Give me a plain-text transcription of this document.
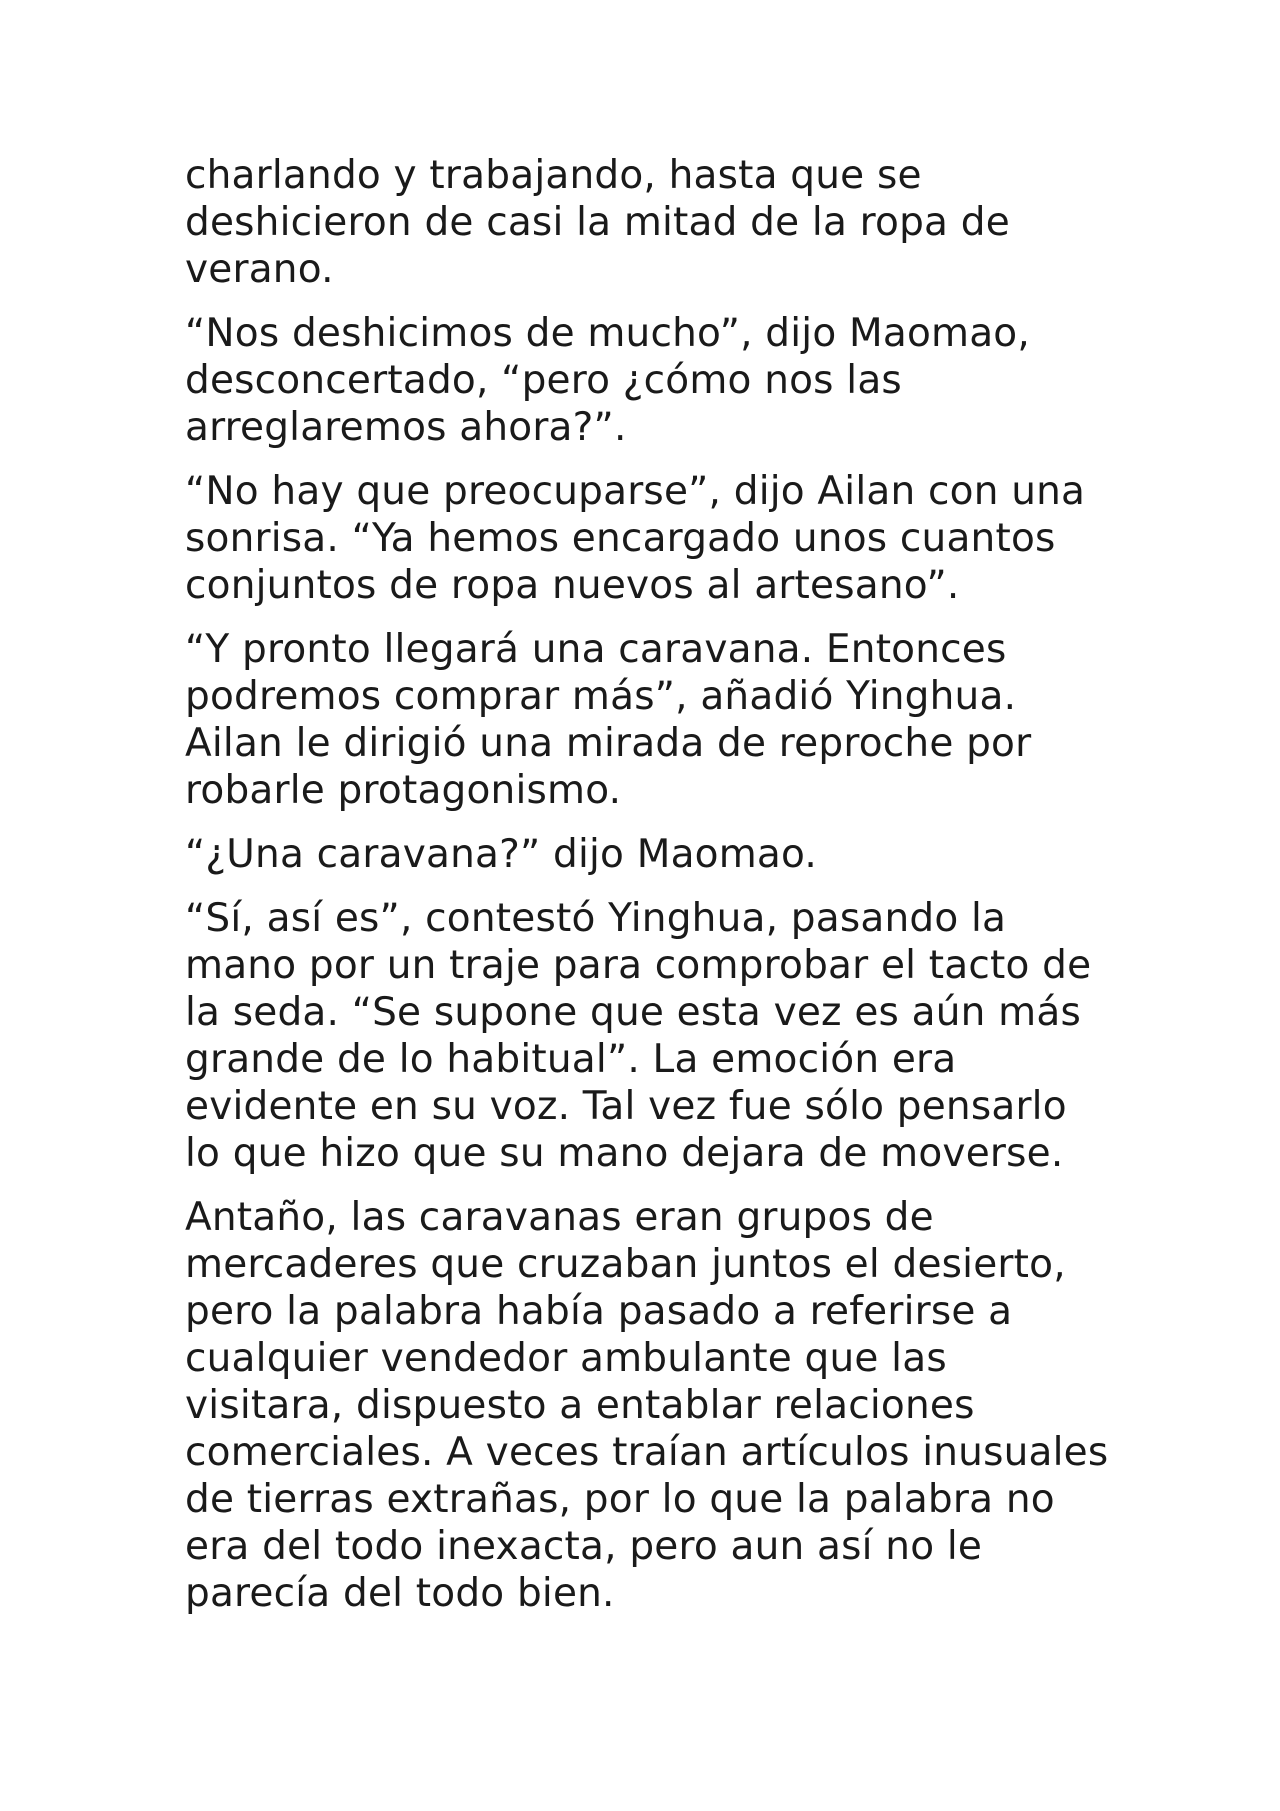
charlando y trabajando, hasta que se
deshicieron de casi la mitad de la ropa de
verano.

“Nos deshicimos de mucho”, dijo Maomao,
desconcertado, “pero ¿cómo nos las
arreglaremos ahora?”.

“No hay que preocuparse”, dijo Ailan con una
sonrisa. “Ya hemos encargado unos cuantos
conjuntos de ropa nuevos al artesano”.

“Y pronto llegará una caravana. Entonces
podremos comprar más”, añadió Yinghua.
Ailan le dirigió una mirada de reproche por
robarle protagonismo.

“¿Una caravana?” dijo Maomao.

“Sí, así es”, contestó Yinghua, pasando la
mano por un traje para comprobar el tacto de
la seda. “Se supone que esta vez es aún más
grande de lo habitual”. La emoción era
evidente en su voz. Tal vez fue sólo pensarlo
lo que hizo que su mano dejara de moverse.

Antaño, las caravanas eran grupos de
mercaderes que cruzaban juntos el desierto,
pero la palabra había pasado a referirse a
cualquier vendedor ambulante que las
visitara, dispuesto a entablar relaciones
comerciales. A veces traían artículos inusuales
de tierras extrañas, por lo que la palabra no
era del todo inexacta, pero aun así no le
parecía del todo bien.
